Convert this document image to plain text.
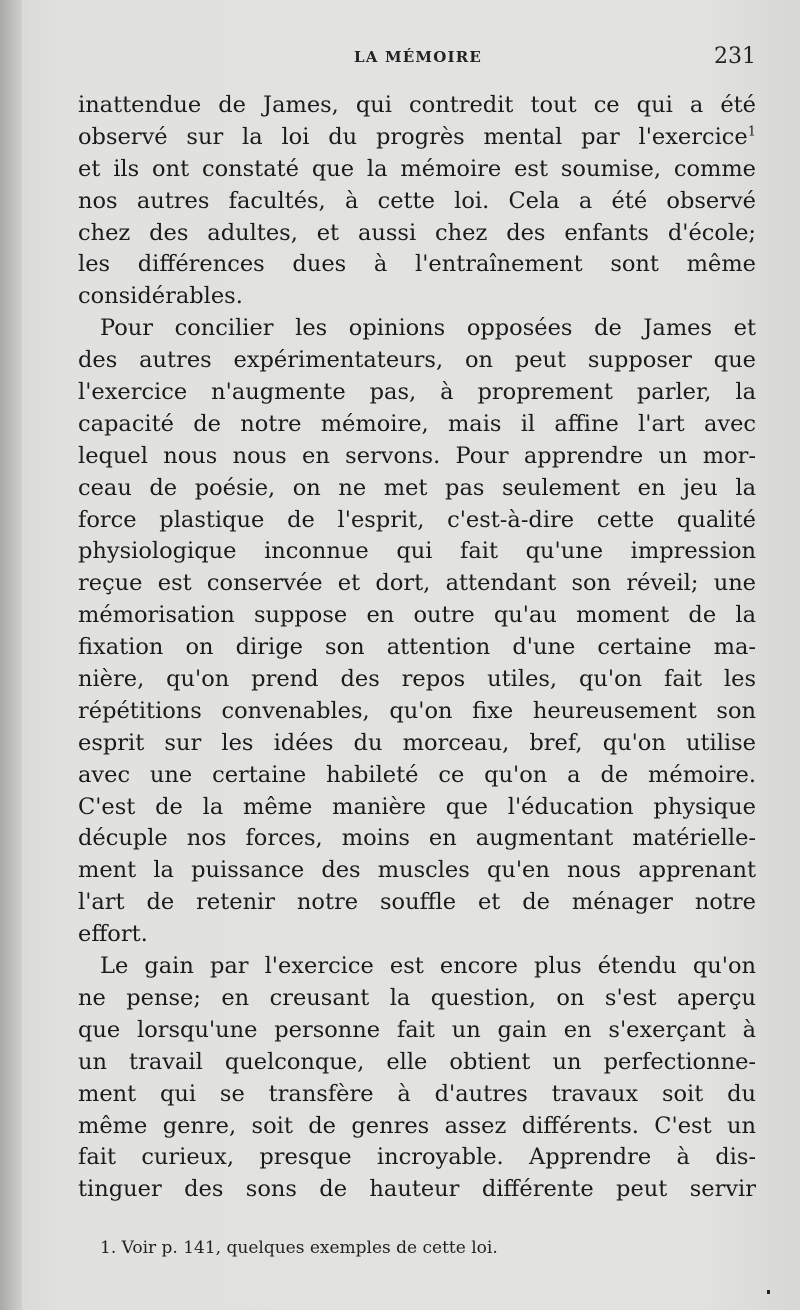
LA MÉMOIRE	231
inattendue de James, qui contredit tout ce qui a été
observé sur la loi du progrès mental par l'exercice$^1$
et ils ont constaté que la mémoire est soumise, comme
nos autres facultés, à cette loi. Cela a été observé
chez des adultes, et aussi chez des enfants d'école;
les différences dues à l'entraînement sont même
considérables.
Pour concilier les opinions opposées de James et
des autres expérimentateurs, on peut supposer que
l'exercice n'augmente pas, à proprement parler, la
capacité de notre mémoire, mais il affine l'art avec
lequel nous nous en servons. Pour apprendre un mor-
ceau de poésie, on ne met pas seulement en jeu la
force plastique de l'esprit, c'est-à-dire cette qualité
physiologique inconnue qui fait qu'une impression
reçue est conservée et dort, attendant son réveil; une
mémorisation suppose en outre qu'au moment de la
fixation on dirige son attention d'une certaine ma-
nière, qu'on prend des repos utiles, qu'on fait les
répétitions convenables, qu'on fixe heureusement son
esprit sur les idées du morceau, bref, qu'on utilise
avec une certaine habileté ce qu'on a de mémoire.
C'est de la même manière que l'éducation physique
décuple nos forces, moins en augmentant matérielle-
ment la puissance des muscles qu'en nous apprenant
l'art de retenir notre souffle et de ménager notre
effort.
Le gain par l'exercice est encore plus étendu qu'on
ne pense; en creusant la question, on s'est aperçu
que lorsqu'une personne fait un gain en s'exerçant à
un travail quelconque, elle obtient un perfectionne-
ment qui se transfère à d'autres travaux soit du
même genre, soit de genres assez différents. C'est un
fait curieux, presque incroyable. Apprendre à dis-
tinguer des sons de hauteur différente peut servir
1. Voir p. 141, quelques exemples de cette loi.
